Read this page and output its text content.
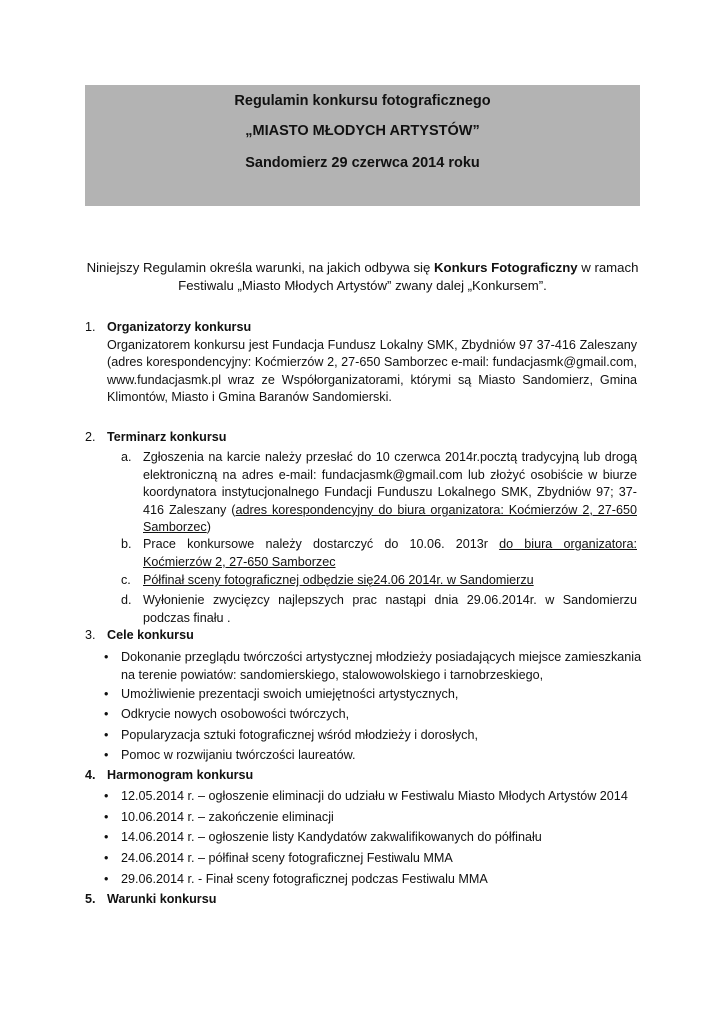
Regulamin konkursu fotograficznego
„MIASTO MŁODYCH ARTYSTÓW”
Sandomierz 29 czerwca 2014 roku
Niniejszy Regulamin określa warunki, na jakich odbywa się Konkurs Fotograficzny w ramach Festiwalu „Miasto Młodych Artystów” zwany dalej „Konkursem”.
1. Organizatorzy konkursu
Organizatorem konkursu jest Fundacja Fundusz Lokalny SMK, Zbydniów 97 37-416 Zaleszany (adres korespondencyjny: Koćmierzów 2, 27-650 Samborzec e-mail: fundacjasmk@gmail.com, www.fundacjasmk.pl wraz ze Współorganizatorami, którymi są Miasto Sandomierz, Gmina Klimontów, Miasto i Gmina Baranów Sandomierski.
2. Terminarz konkursu
a. Zgłoszenia na karcie należy przesłać do 10 czerwca 2014r.pocztą tradycyjną lub drogą elektroniczną na adres e-mail: fundacjasmk@gmail.com lub złożyć osobiście w biurze koordynatora instytucjonalnego Fundacji Funduszu Lokalnego SMK, Zbydniów 97; 37-416 Zaleszany (adres korespondencyjny do biura organizatora: Koćmierzów 2, 27-650 Samborzec)
b. Prace konkursowe należy dostarczyć do 10.06. 2013r do biura organizatora: Koćmierzów 2, 27-650 Samborzec
c. Półfinał sceny fotograficznej odbędzie się24.06 2014r. w Sandomierzu
d. Wyłonienie zwycięzcy najlepszych prac nastąpi dnia 29.06.2014r. w Sandomierzu podczas finału .
3. Cele konkursu
• Dokonanie przeglądu twórczości artystycznej młodzieży posiadających miejsce zamieszkania na terenie powiatów: sandomierskiego, stalowowolskiego i tarnobrzeskiego,
• Umożliwienie prezentacji swoich umiejętności artystycznych,
• Odkrycie nowych osobowości twórczych,
• Popularyzacja sztuki fotograficznej wśród młodzieży i dorosłych,
• Pomoc w rozwijaniu twórczości laureatów.
4. Harmonogram konkursu
• 12.05.2014 r. – ogłoszenie eliminacji do udziału w Festiwalu Miasto Młodych Artystów 2014
• 10.06.2014 r. – zakończenie eliminacji
• 14.06.2014 r. – ogłoszenie listy Kandydatów zakwalifikowanych do półfinału
• 24.06.2014 r. – półfinał sceny fotograficznej Festiwalu MMA
• 29.06.2014 r. - Finał sceny fotograficznej podczas Festiwalu MMA
5. Warunki konkursu
